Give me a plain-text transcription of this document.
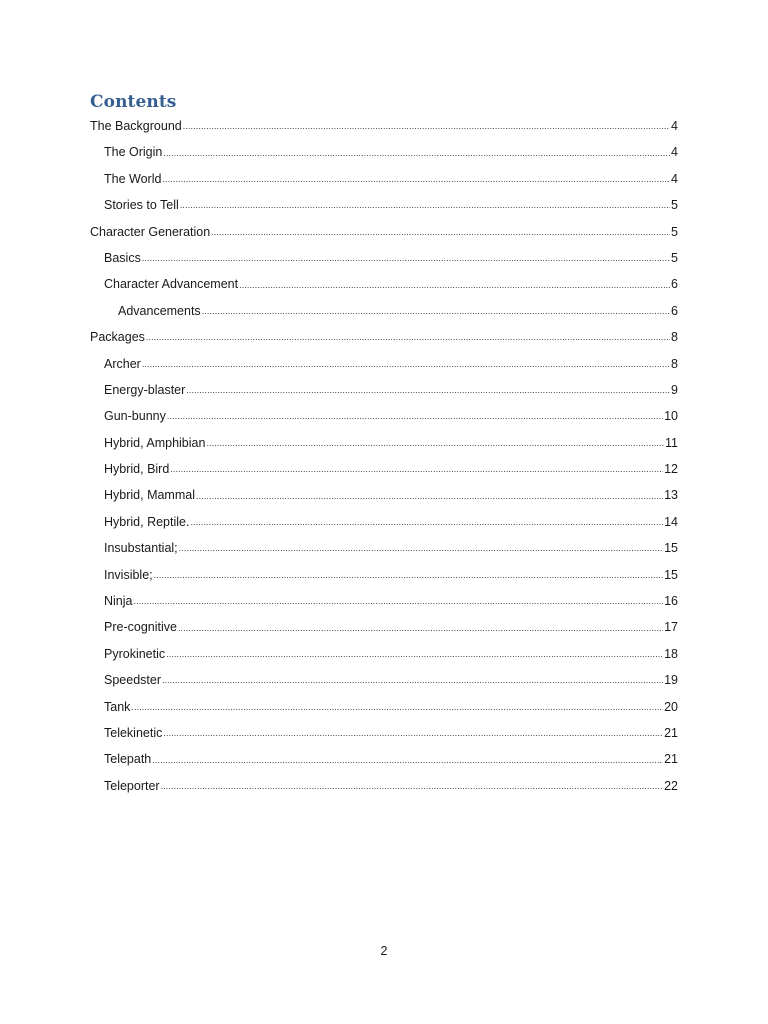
Contents
The Background . . .	4
The Origin . . .	4
The World . . .	4
Stories to Tell . . .	5
Character Generation . . .	5
Basics . . .	5
Character Advancement . . .	6
Advancements . . .	6
Packages . . .	8
Archer . . .	8
Energy-blaster . . .	9
Gun-bunny . . .	10
Hybrid, Amphibian . . .	11
Hybrid, Bird . . .	12
Hybrid, Mammal . . .	13
Hybrid, Reptile. . . .	14
Insubstantial; . . .	15
Invisible; . . .	15
Ninja . . .	16
Pre-cognitive . . .	17
Pyrokinetic . . .	18
Speedster . . .	19
Tank . . .	20
Telekinetic . . .	21
Telepath . . .	21
Teleporter . . .	22
2
